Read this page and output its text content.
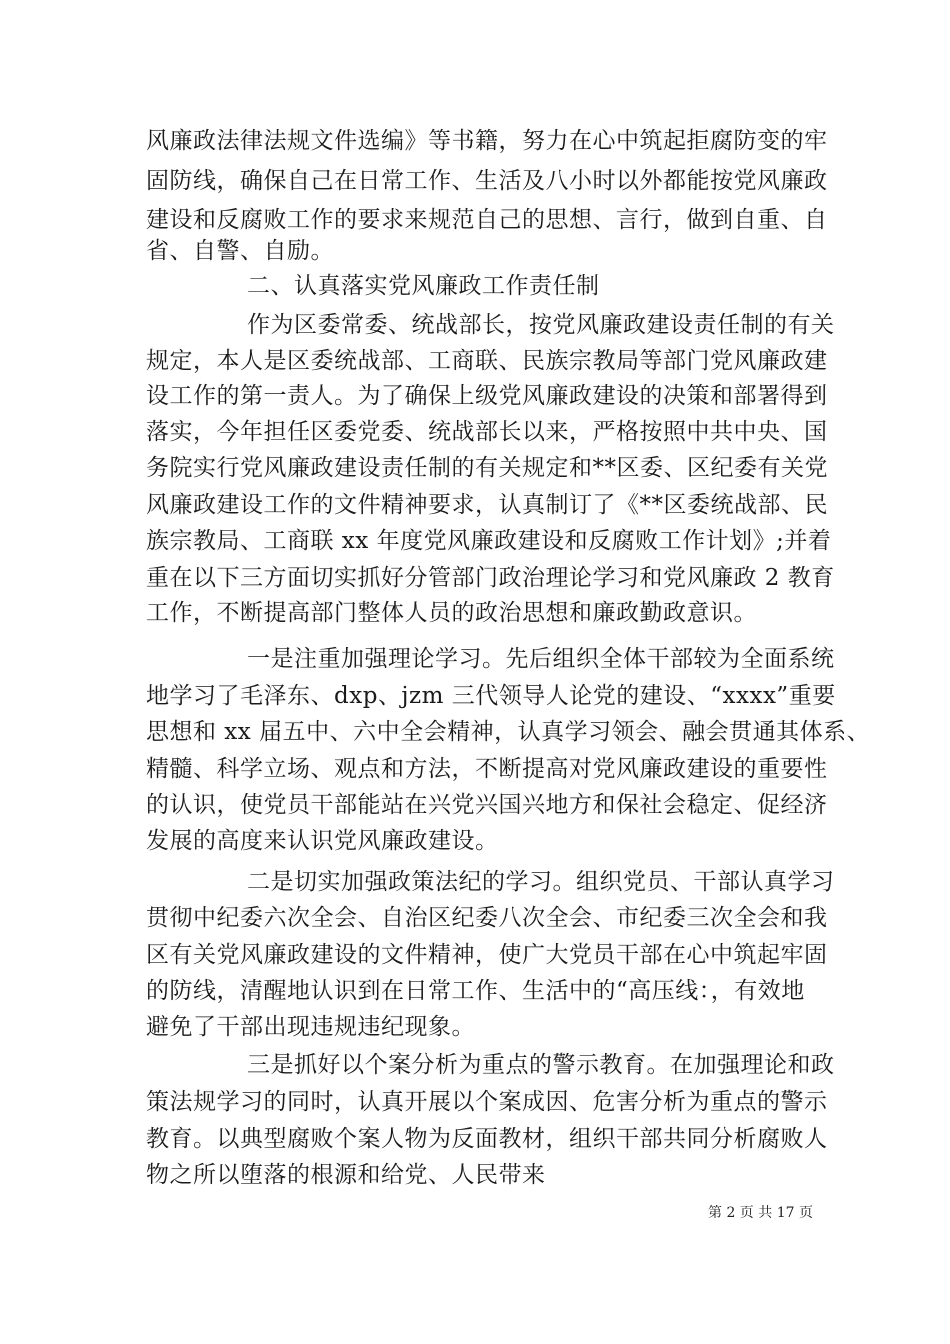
风廉政法律法规文件选编》等书籍，努力在心中筑起拒腐防变的牢
固防线，确保自己在日常工作、生活及八小时以外都能按党风廉政
建设和反腐败工作的要求来规范自己的思想、言行，做到自重、自
省、自警、自励。
二、认真落实党风廉政工作责任制
作为区委常委、统战部长，按党风廉政建设责任制的有关
规定，本人是区委统战部、工商联、民族宗教局等部门党风廉政建
设工作的第一责人。为了确保上级党风廉政建设的决策和部署得到
落实，今年担任区委党委、统战部长以来，严格按照中共中央、国
务院实行党风廉政建设责任制的有关规定和**区委、区纪委有关党
风廉政建设工作的文件精神要求，认真制订了《**区委统战部、民
族宗教局、工商联 xx 年度党风廉政建设和反腐败工作计划》;并着
重在以下三方面切实抓好分管部门政治理论学习和党风廉政 2 教育
工作，不断提高部门整体人员的政治思想和廉政勤政意识。
一是注重加强理论学习。先后组织全体干部较为全面系统
地学习了毛泽东、dxp、jzm 三代领导人论党的建设、“xxxx”重要
思想和 xx 届五中、六中全会精神，认真学习领会、融会贯通其体系、
精髓、科学立场、观点和方法，不断提高对党风廉政建设的重要性
的认识，使党员干部能站在兴党兴国兴地方和保社会稳定、促经济
发展的高度来认识党风廉政建设。
二是切实加强政策法纪的学习。组织党员、干部认真学习
贯彻中纪委六次全会、自治区纪委八次全会、市纪委三次全会和我
区有关党风廉政建设的文件精神，使广大党员干部在心中筑起牢固
的防线，清醒地认识到在日常工作、生活中的“高压线：，有效地
避免了干部出现违规违纪现象。
三是抓好以个案分析为重点的警示教育。在加强理论和政
策法规学习的同时，认真开展以个案成因、危害分析为重点的警示
教育。以典型腐败个案人物为反面教材，组织干部共同分析腐败人
物之所以堕落的根源和给党、人民带来
第 2 页 共 17 页
